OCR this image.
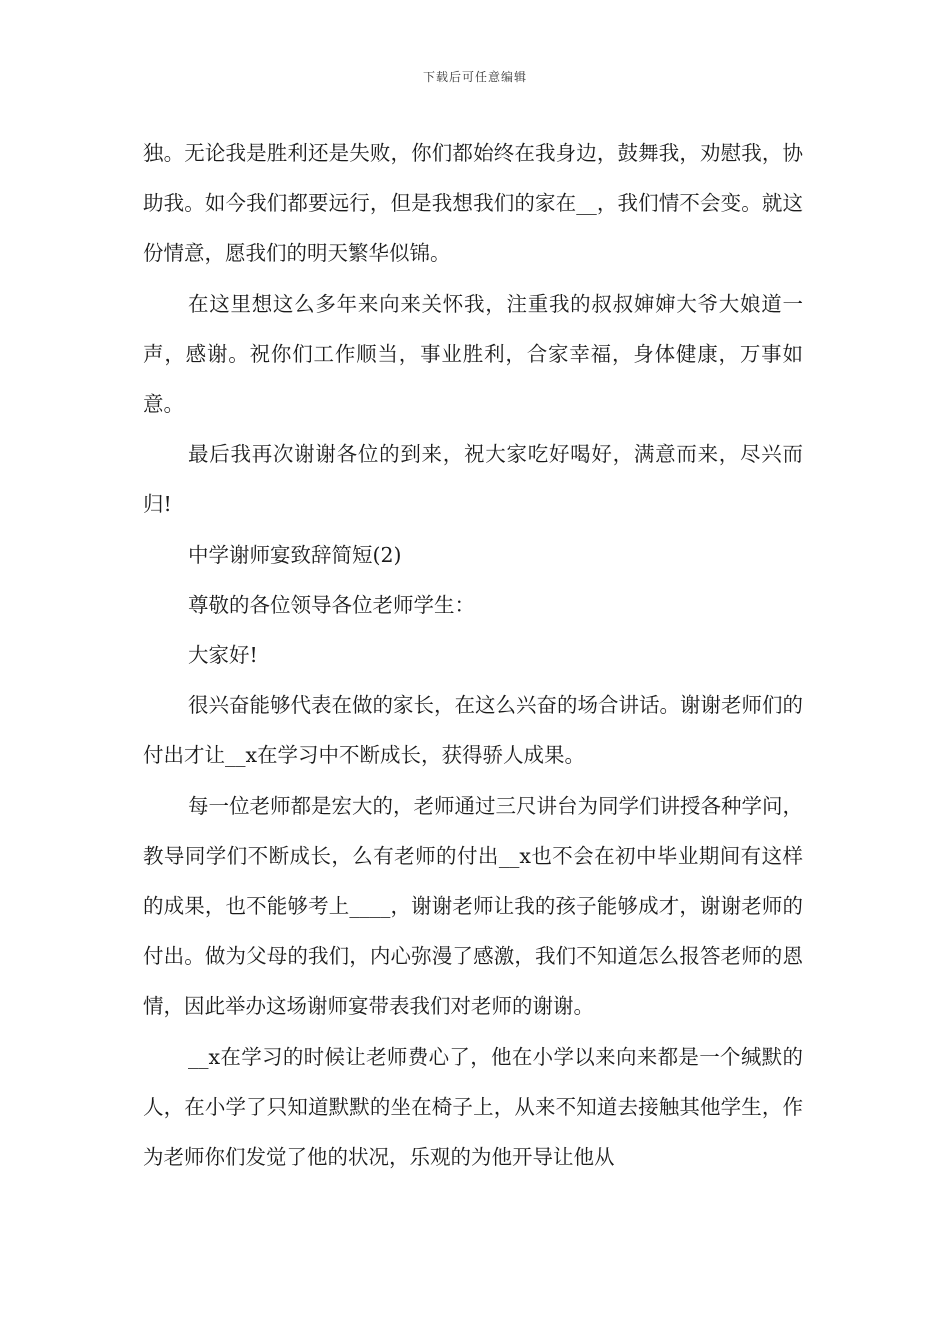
下载后可任意编辑

独。无论我是胜利还是失败，你们都始终在我身边，鼓舞我，劝慰我，协助我。如今我们都要远行，但是我想我们的家在__，我们情不会变。就这份情意，愿我们的明天繁华似锦。

在这里想这么多年来向来关怀我，注重我的叔叔婶婶大爷大娘道一声，感谢。祝你们工作顺当，事业胜利，合家幸福，身体健康，万事如意。

最后我再次谢谢各位的到来，祝大家吃好喝好，满意而来，尽兴而归!

中学谢师宴致辞简短(2)

尊敬的各位领导各位老师学生：

大家好!

很兴奋能够代表在做的家长，在这么兴奋的场合讲话。谢谢老师们的付出才让__x在学习中不断成长，获得骄人成果。

每一位老师都是宏大的，老师通过三尺讲台为同学们讲授各种学问，教导同学们不断成长，么有老师的付出__x也不会在初中毕业期间有这样的成果，也不能够考上____，谢谢老师让我的孩子能够成才，谢谢老师的付出。做为父母的我们，内心弥漫了感激，我们不知道怎么报答老师的恩情，因此举办这场谢师宴带表我们对老师的谢谢。

__x在学习的时候让老师费心了，他在小学以来向来都是一个缄默的人，在小学了只知道默默的坐在椅子上，从来不知道去接触其他学生，作为老师你们发觉了他的状况，乐观的为他开导让他从
